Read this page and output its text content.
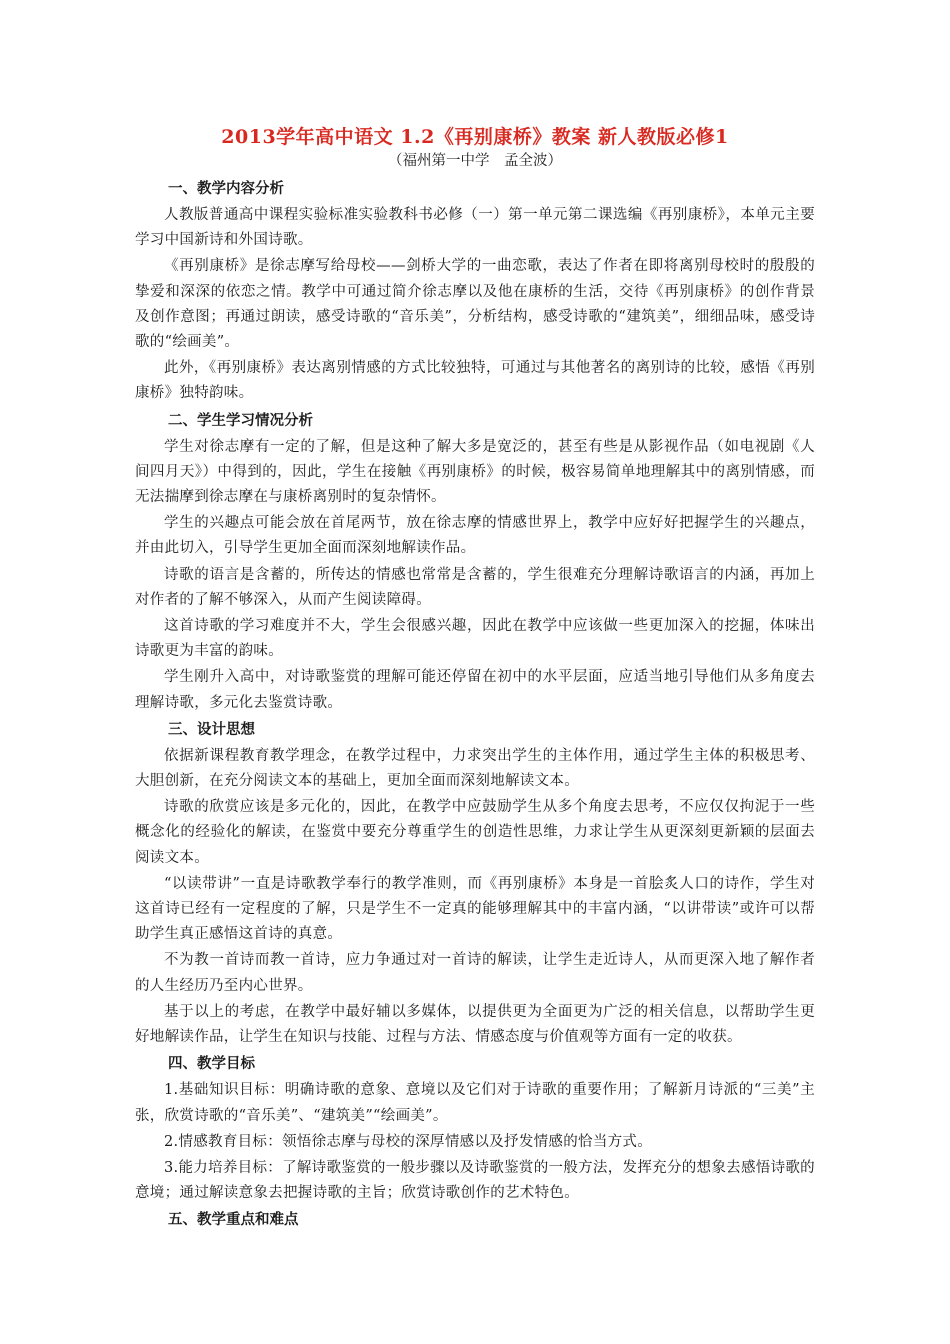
2013学年高中语文 1.2《再别康桥》教案 新人教版必修1
（福州第一中学　孟全波）
一、教学内容分析

人教版普通高中课程实验标准实验教科书必修（一）第一单元第二课选编《再别康桥》，本单元主要学习中国新诗和外国诗歌。

《再别康桥》是徐志摩写给母校——剑桥大学的一曲恋歌，表达了作者在即将离别母校时的殷殷的挚爱和深深的依恋之情。教学中可通过简介徐志摩以及他在康桥的生活，交待《再别康桥》的创作背景及创作意图；再通过朗读，感受诗歌的“音乐美”，分析结构，感受诗歌的“建筑美”，细细品味，感受诗歌的“绘画美”。

此外，《再别康桥》表达离别情感的方式比较独特，可通过与其他著名的离别诗的比较，感悟《再别康桥》独特韵味。

二、学生学习情况分析

学生对徐志摩有一定的了解，但是这种了解大多是宽泛的，甚至有些是从影视作品（如电视剧《人间四月天》）中得到的，因此，学生在接触《再别康桥》的时候，极容易简单地理解其中的离别情感，而无法揣摩到徐志摩在与康桥离别时的复杂情怀。

学生的兴趣点可能会放在首尾两节，放在徐志摩的情感世界上，教学中应好好把握学生的兴趣点，并由此切入，引导学生更加全面而深刻地解读作品。

诗歌的语言是含蓄的，所传达的情感也常常是含蓄的，学生很难充分理解诗歌语言的内涵，再加上对作者的了解不够深入，从而产生阅读障碍。

这首诗歌的学习难度并不大，学生会很感兴趣，因此在教学中应该做一些更加深入的挖掘，体味出诗歌更为丰富的韵味。

学生刚升入高中，对诗歌鉴赏的理解可能还停留在初中的水平层面，应适当地引导他们从多角度去理解诗歌，多元化去鉴赏诗歌。

三、设计思想

依据新课程教育教学理念，在教学过程中，力求突出学生的主体作用，通过学生主体的积极思考、大胆创新，在充分阅读文本的基础上，更加全面而深刻地解读文本。

诗歌的欣赏应该是多元化的，因此，在教学中应鼓励学生从多个角度去思考，不应仅仅拘泥于一些概念化的经验化的解读，在鉴赏中要充分尊重学生的创造性思维，力求让学生从更深刻更新颖的层面去阅读文本。

“以读带讲”一直是诗歌教学奉行的教学准则，而《再别康桥》本身是一首脍炙人口的诗作，学生对这首诗已经有一定程度的了解，只是学生不一定真的能够理解其中的丰富内涵，“以讲带读”或许可以帮助学生真正感悟这首诗的真意。

不为教一首诗而教一首诗，应力争通过对一首诗的解读，让学生走近诗人，从而更深入地了解作者的人生经历乃至内心世界。

基于以上的考虑，在教学中最好辅以多媒体，以提供更为全面更为广泛的相关信息，以帮助学生更好地解读作品，让学生在知识与技能、过程与方法、情感态度与价值观等方面有一定的收获。

四、教学目标

1.基础知识目标：明确诗歌的意象、意境以及它们对于诗歌的重要作用；了解新月诗派的“三美”主张，欣赏诗歌的“音乐美”、“建筑美”“绘画美”。

2.情感教育目标：领悟徐志摩与母校的深厚情感以及抒发情感的恰当方式。

3.能力培养目标：了解诗歌鉴赏的一般步骤以及诗歌鉴赏的一般方法，发挥充分的想象去感悟诗歌的意境；通过解读意象去把握诗歌的主旨；欣赏诗歌创作的艺术特色。

五、教学重点和难点
